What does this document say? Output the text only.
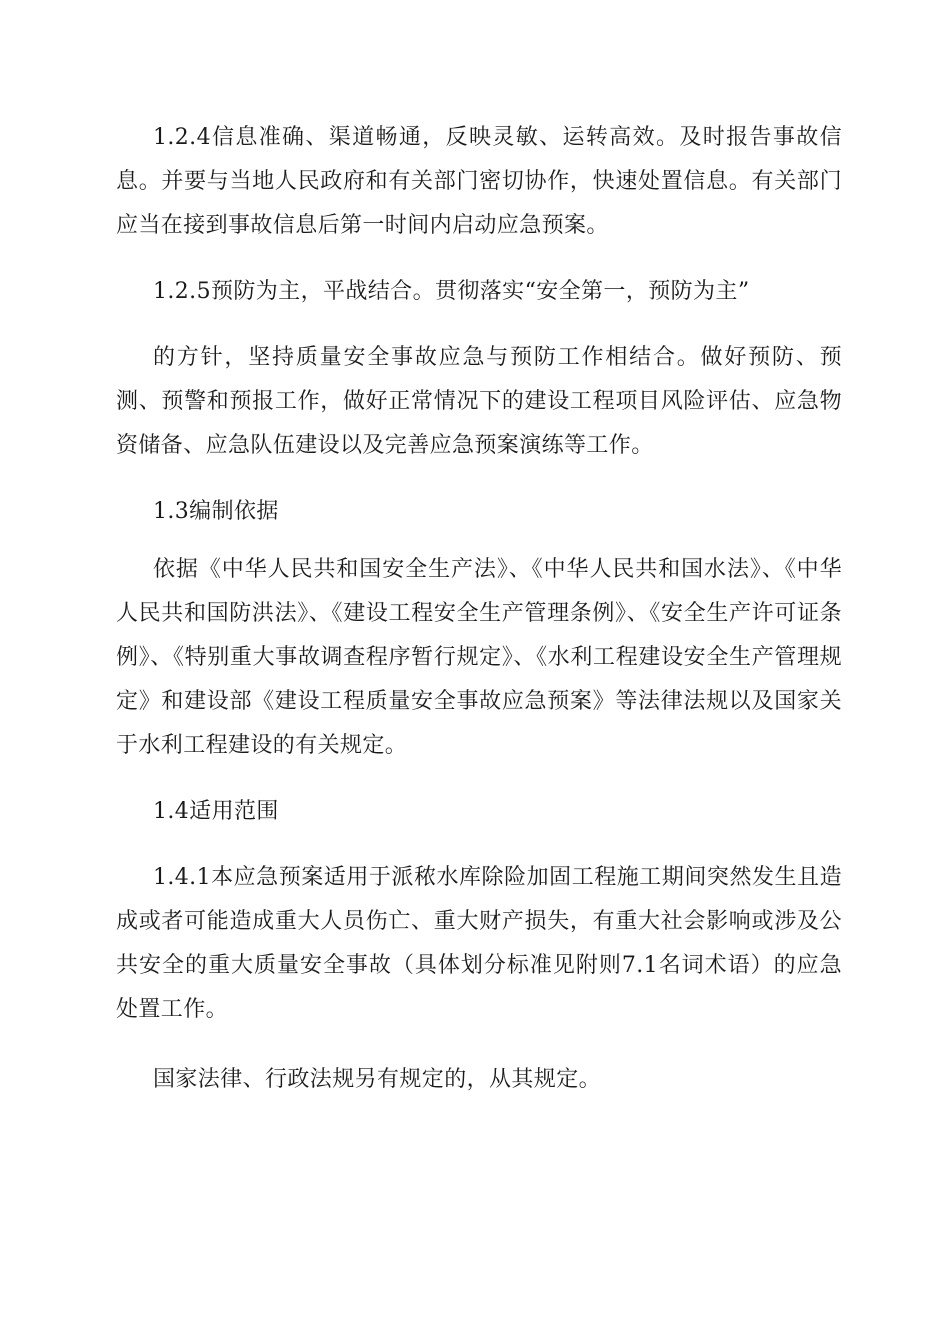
1.2.4信息准确、渠道畅通，反映灵敏、运转高效。及时报告事故信息。并要与当地人民政府和有关部门密切协作，快速处置信息。有关部门应当在接到事故信息后第一时间内启动应急预案。

1.2.5预防为主，平战结合。贯彻落实“安全第一，预防为主”

的方针，坚持质量安全事故应急与预防工作相结合。做好预防、预测、预警和预报工作，做好正常情况下的建设工程项目风险评估、应急物资储备、应急队伍建设以及完善应急预案演练等工作。

1.3编制依据

依据《中华人民共和国安全生产法》、《中华人民共和国水法》、《中华人民共和国防洪法》、《建设工程安全生产管理条例》、《安全生产许可证条例》、《特别重大事故调查程序暂行规定》、《水利工程建设安全生产管理规定》和建设部《建设工程质量安全事故应急预案》等法律法规以及国家关于水利工程建设的有关规定。

1.4适用范围

1.4.1本应急预案适用于派秾水库除险加固工程施工期间突然发生且造成或者可能造成重大人员伤亡、重大财产损失，有重大社会影响或涉及公共安全的重大质量安全事故（具体划分标准见附则7.1名词术语）的应急处置工作。

国家法律、行政法规另有规定的，从其规定。
